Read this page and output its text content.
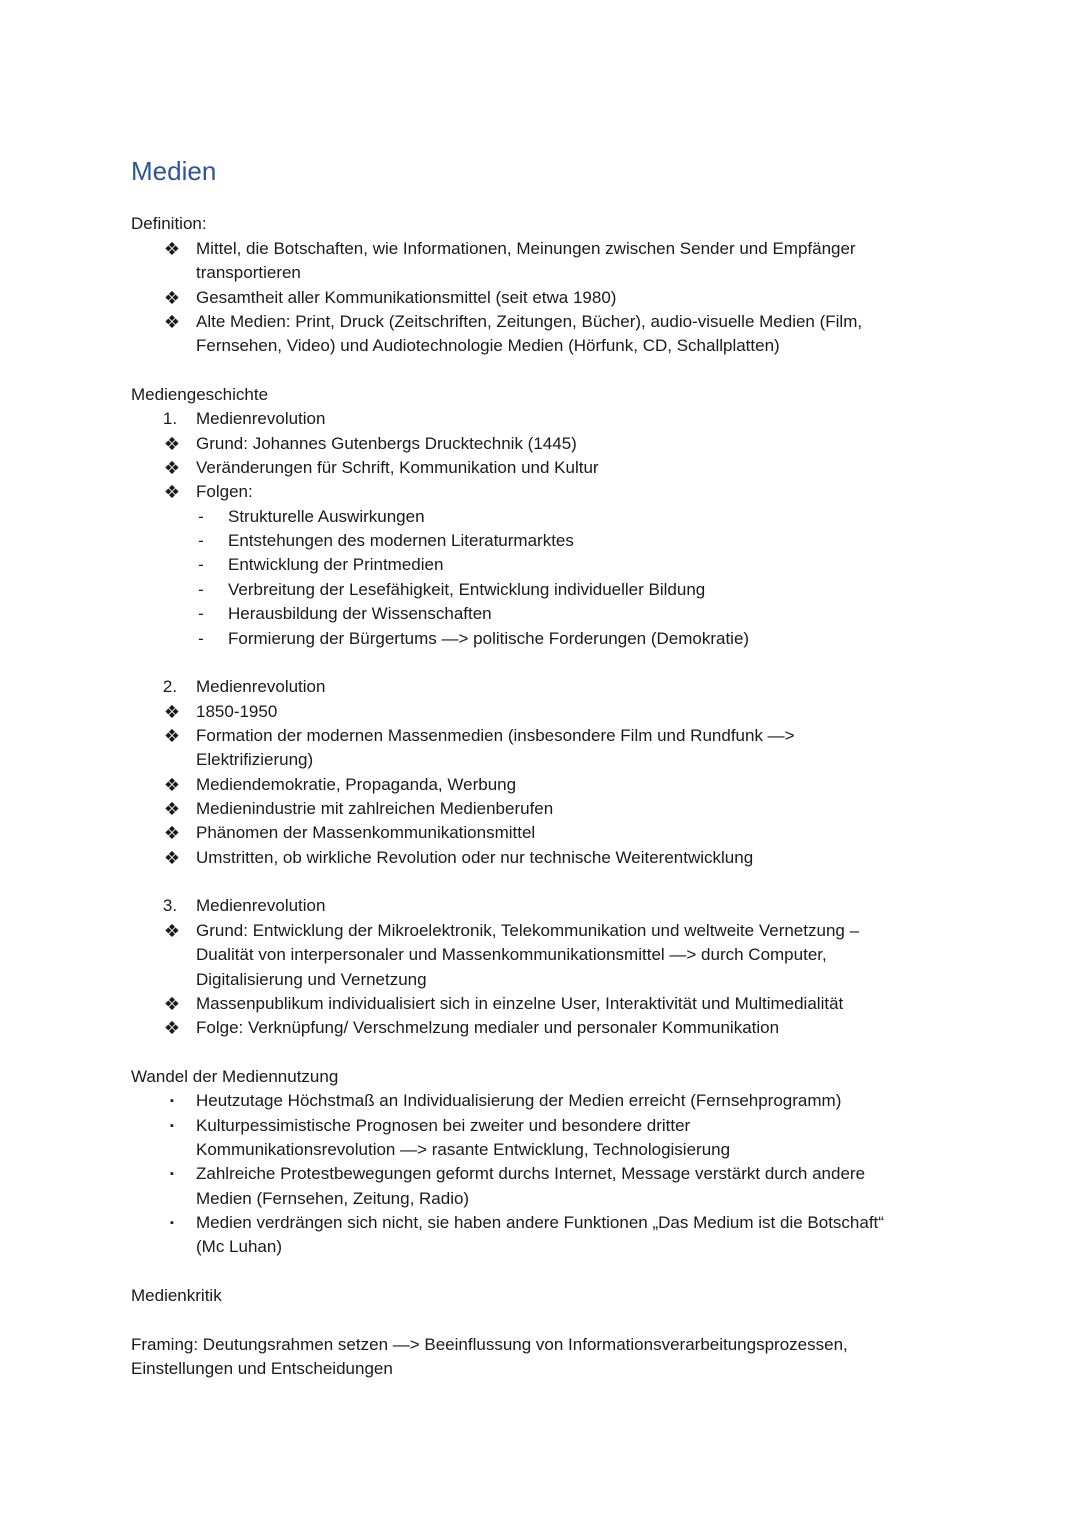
Medien
Definition:
❖ Mittel, die Botschaften, wie Informationen, Meinungen zwischen Sender und Empfänger
transportieren
❖ Gesamtheit aller Kommunikationsmittel (seit etwa 1980)
❖ Alte Medien: Print, Druck (Zeitschriften, Zeitungen, Bücher), audio-visuelle Medien (Film,
Fernsehen, Video) und Audiotechnologie Medien (Hörfunk, CD, Schallplatten)
Mediengeschichte
1. Medienrevolution
❖ Grund: Johannes Gutenbergs Drucktechnik (1445)
❖ Veränderungen für Schrift, Kommunikation und Kultur
❖ Folgen:
-	Strukturelle Auswirkungen
-	Entstehungen des modernen Literaturmarktes
-	Entwicklung der Printmedien
-	Verbreitung der Lesefähigkeit, Entwicklung individueller Bildung
-	Herausbildung der Wissenschaften
-	Formierung der Bürgertums —> politische Forderungen (Demokratie)
2. Medienrevolution
❖ 1850-1950
❖ Formation der modernen Massenmedien (insbesondere Film und Rundfunk —>
Elektrifizierung)
❖ Mediendemokratie, Propaganda, Werbung
❖ Medienindustrie mit zahlreichen Medienberufen
❖ Phänomen der Massenkommunikationsmittel
❖ Umstritten, ob wirkliche Revolution oder nur technische Weiterentwicklung
3. Medienrevolution
❖ Grund: Entwicklung der Mikroelektronik, Telekommunikation und weltweite Vernetzung –
Dualität von interpersonaler und Massenkommunikationsmittel —> durch Computer,
Digitalisierung und Vernetzung
❖ Massenpublikum individualisiert sich in einzelne User, Interaktivität und Multimedialität
❖ Folge: Verknüpfung/ Verschmelzung medialer und personaler Kommunikation
Wandel der Mediennutzung
▪	Heutzutage Höchstmaß an Individualisierung der Medien erreicht (Fernsehprogramm)
▪	Kulturpessimistische Prognosen bei zweiter und besondere dritter
Kommunikationsrevolution —> rasante Entwicklung, Technologisierung
▪	Zahlreiche Protestbewegungen geformt durchs Internet, Message verstärkt durch andere
Medien (Fernsehen, Zeitung, Radio)
▪	Medien verdrängen sich nicht, sie haben andere Funktionen „Das Medium ist die Botschaft“
(Mc Luhan)
Medienkritik
Framing: Deutungsrahmen setzen —> Beeinflussung von Informationsverarbeitungsprozessen,
Einstellungen und Entscheidungen
